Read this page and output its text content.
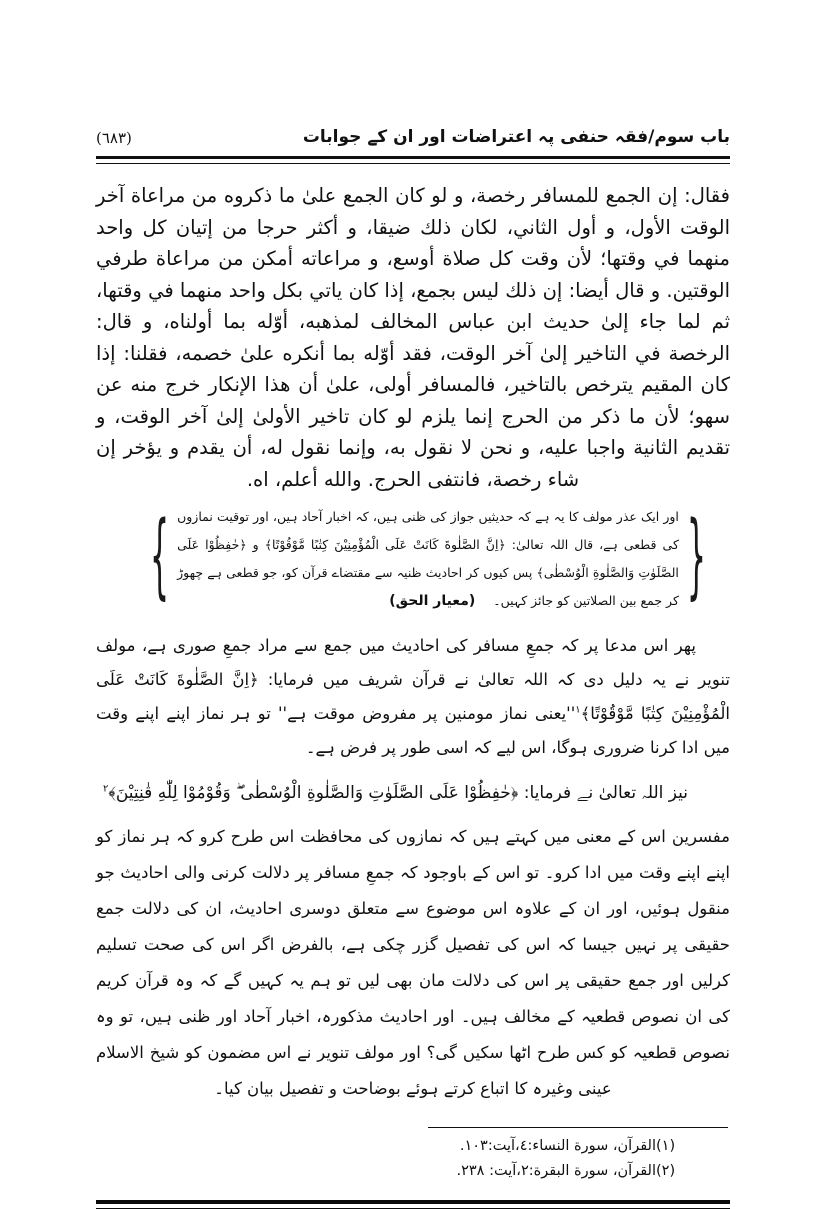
(٦٨٣)	باب سوم/فقہ حنفی پہ اعتراضات اور ان کے جوابات
فقال: إن الجمع للمسافر رخصة، و لو كان الجمع علىٰ ما ذكروه من مراعاة آخر الوقت الأول، و أول الثاني، لكان ذلك ضيقا، و أكثر حرجا من إتيان كل واحد منهما في وقتها؛ لأن وقت كل صلاة أوسع، و مراعاته أمكن من مراعاة طرفي الوقتين. و قال أيضا: إن ذلك ليس بجمع، إذا كان ياتي بكل واحد منهما في وقتها، ثم لما جاء إلىٰ حديث ابن عباس المخالف لمذهبه، أوّله بما أولناه، و قال: الرخصة في التاخير إلىٰ آخر الوقت، فقد أوّله بما أنكره علىٰ خصمه، فقلنا: إذا كان المقيم يترخص بالتاخير، فالمسافر أولى، علىٰ أن هذا الإنكار خرج منه عن سهو؛ لأن ما ذكر من الحرج إنما يلزم لو كان تاخير الأولىٰ إلىٰ آخر الوقت، و تقديم الثانية واجبا عليه، و نحن لا نقول به، وإنما نقول له، أن يقدم و يؤخر إن شاء رخصة، فانتفى الحرج. والله أعلم، اه.
{
اور ایک عذر مولف کا یہ ہے کہ حدیثیں جواز کی ظنی ہیں، کہ اخبار آحاد ہیں، اور توقیت نمازوں کی قطعی ہے، قال اللہ تعالیٰ: ﴿اِنَّ الصَّلٰوةَ كَانَتْ عَلَى الْمُؤْمِنِيْنَ كِتٰبًا مَّوْقُوْتًا﴾ و ﴿حٰفِظُوْا عَلَى الصَّلَوٰتِ وَالصَّلٰوةِ الْوُسْطٰى﴾ پس کیوں کر احادیث ظنیہ سے مقتضاے قرآن کو، جو قطعی ہے چھوڑ کر جمع بین الصلاتین کو جائز کہیں۔(معیار الحق)
}
پھر اس مدعا پر کہ جمعِ مسافر کی احادیث میں جمع سے مراد جمعِ صوری ہے، مولف تنویر نے یہ دلیل دی کہ اللہ تعالیٰ نے قرآن شریف میں فرمایا: ﴿اِنَّ الصَّلٰوةَ كَانَتْ عَلَى الْمُؤْمِنِيْنَ كِتٰبًا مَّوْقُوْتًا﴾$^۱$''یعنی نماز مومنین پر مفروض موقت ہے'' تو ہر نماز اپنے اپنے وقت میں ادا کرنا ضروری ہوگا، اس لیے کہ اسی طور پر فرض ہے۔
نیز اللہ تعالیٰ نے فرمایا: ﴿حٰفِظُوْا عَلَى الصَّلَوٰتِ وَالصَّلٰوةِ الْوُسْطٰى ۖ وَقُوْمُوْا لِلّٰهِ قٰنِتِيْنَ﴾$^۲$
مفسرین اس کے معنی میں کہتے ہیں کہ نمازوں کی محافظت اس طرح کرو کہ ہر نماز کو اپنے اپنے وقت میں ادا کرو۔ تو اس کے باوجود کہ جمعِ مسافر پر دلالت کرنی والی احادیث جو منقول ہوئیں، اور ان کے علاوہ اس موضوع سے متعلق دوسری احادیث، ان کی دلالت جمع حقیقی پر نہیں جیسا کہ اس کی تفصیل گزر چکی ہے، بالفرض اگر اس کی صحت تسلیم کرلیں اور جمع حقیقی پر اس کی دلالت مان بھی لیں تو ہم یہ کہیں گے کہ وہ قرآن کریم کی ان نصوص قطعیہ کے مخالف ہیں۔ اور احادیث مذکورہ، اخبار آحاد اور ظنی ہیں، تو وہ نصوص قطعیہ کو کس طرح اٹھا سکیں گی؟ اور مولف تنویر نے اس مضمون کو شیخ الاسلام عینی وغیرہ کا اتباع کرتے ہوئے بوضاحت و تفصیل بیان کیا۔
(١)
القرآن، سورة النساء:٤،آیت:١٠٣.
(٢)
القرآن، سورة البقرة:٢،آیت: ٢٣٨.
